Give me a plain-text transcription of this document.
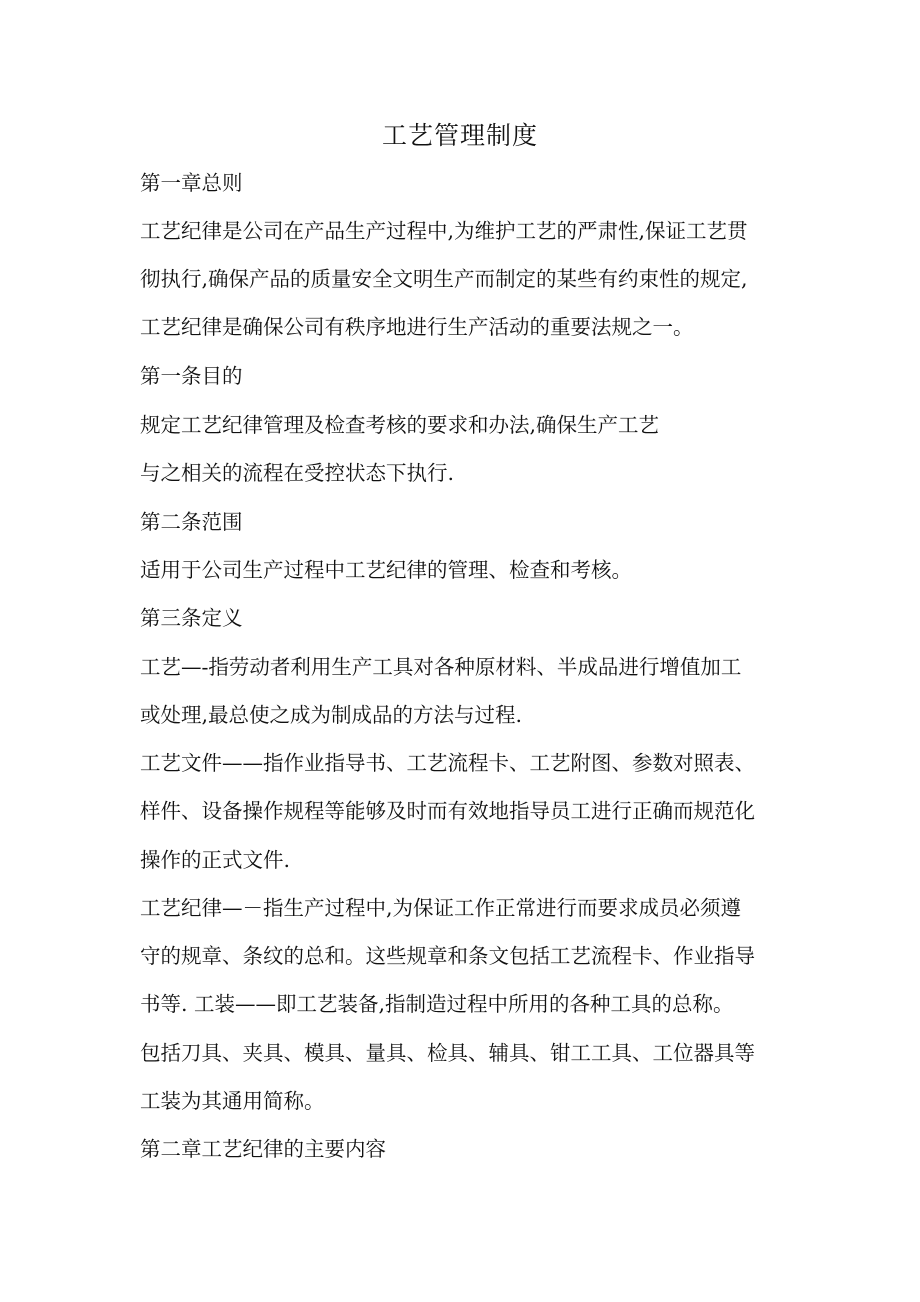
工艺管理制度
第一章总则
工艺纪律是公司在产品生产过程中,为维护工艺的严肃性,保证工艺贯
彻执行,确保产品的质量安全文明生产而制定的某些有约束性的规定,
工艺纪律是确保公司有秩序地进行生产活动的重要法规之一。
第一条目的
规定工艺纪律管理及检查考核的要求和办法,确保生产工艺
与之相关的流程在受控状态下执行.
第二条范围
适用于公司生产过程中工艺纪律的管理、检查和考核。
第三条定义
工艺—-指劳动者利用生产工具对各种原材料、半成品进行增值加工
或处理,最总使之成为制成品的方法与过程.
工艺文件——指作业指导书、工艺流程卡、工艺附图、参数对照表、
样件、设备操作规程等能够及时而有效地指导员工进行正确而规范化
操作的正式文件.
工艺纪律—－指生产过程中,为保证工作正常进行而要求成员必须遵
守的规章、条纹的总和。这些规章和条文包括工艺流程卡、作业指导
书等. 工装——即工艺装备,指制造过程中所用的各种工具的总称。
包括刀具、夹具、模具、量具、检具、辅具、钳工工具、工位器具等
工装为其通用简称。
第二章工艺纪律的主要内容
